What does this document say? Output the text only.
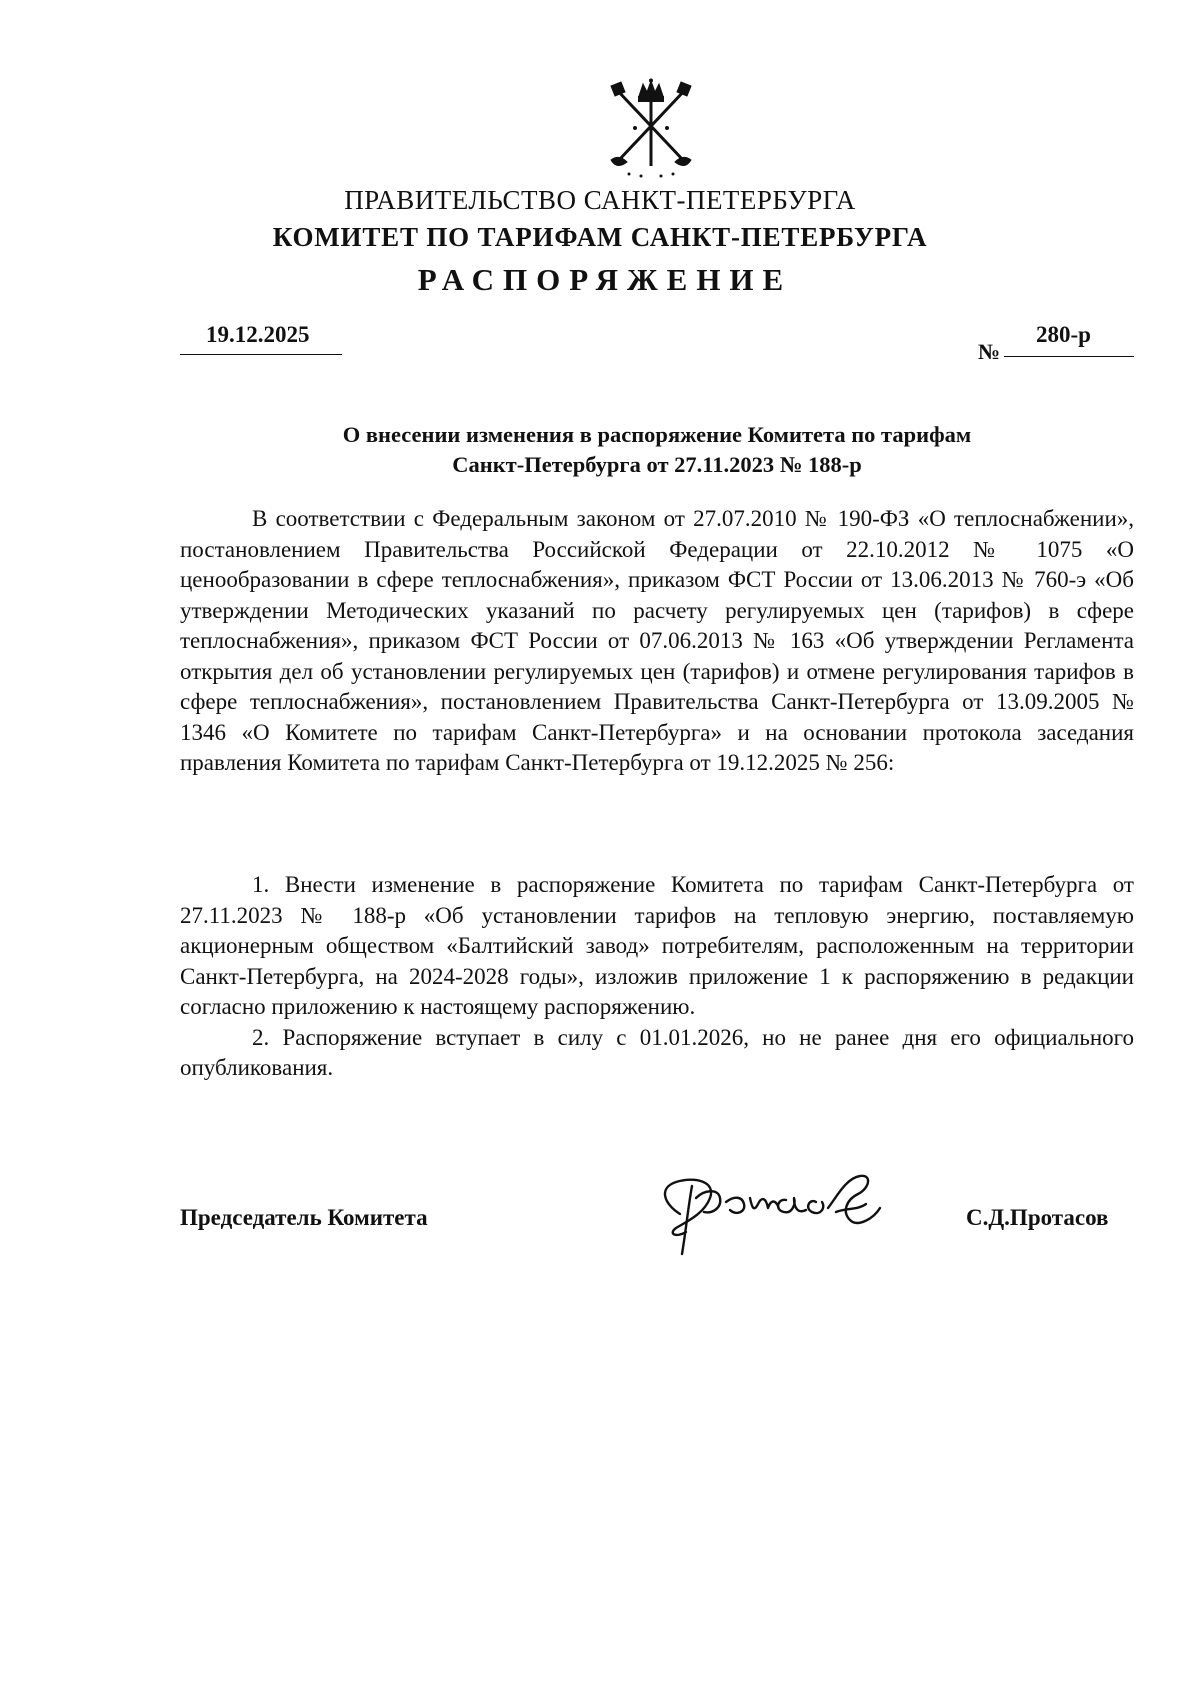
ПРАВИТЕЛЬСТВО САНКТ-ПЕТЕРБУРГА
КОМИТЕТ ПО ТАРИФАМ САНКТ-ПЕТЕРБУРГА
РАСПОРЯЖЕНИЕ
19.12.2025
№
280-р
О внесении изменения в распоряжение Комитета по тарифам
Санкт-Петербурга от 27.11.2023 № 188-р

В соответствии с Федеральным законом от 27.07.2010 № 190-ФЗ «О теплоснабжении», постановлением Правительства Российской Федерации от 22.10.2012 № 1075 «О ценообразовании в сфере теплоснабжения», приказом ФСТ России от 13.06.2013 № 760-э «Об утверждении Методических указаний по расчету регулируемых цен (тарифов) в сфере теплоснабжения», приказом ФСТ России от 07.06.2013 № 163 «Об утверждении Регламента открытия дел об установлении регулируемых цен (тарифов) и отмене регулирования тарифов в сфере теплоснабжения», постановлением Правительства Санкт-Петербурга от 13.09.2005 № 1346 «О Комитете по тарифам Санкт-Петербурга» и на основании протокола заседания правления Комитета по тарифам Санкт-Петербурга от 19.12.2025 № 256:

1. Внести изменение в распоряжение Комитета по тарифам Санкт-Петербурга от 27.11.2023 № 188-р «Об установлении тарифов на тепловую энергию, поставляемую акционерным обществом «Балтийский завод» потребителям, расположенным на территории Санкт-Петербурга, на 2024-2028 годы», изложив приложение 1 к распоряжению в редакции согласно приложению к настоящему распоряжению.

2. Распоряжение вступает в силу с 01.01.2026, но не ранее дня его официального опубликования.

Председатель Комитета	С.Д.Протасов
